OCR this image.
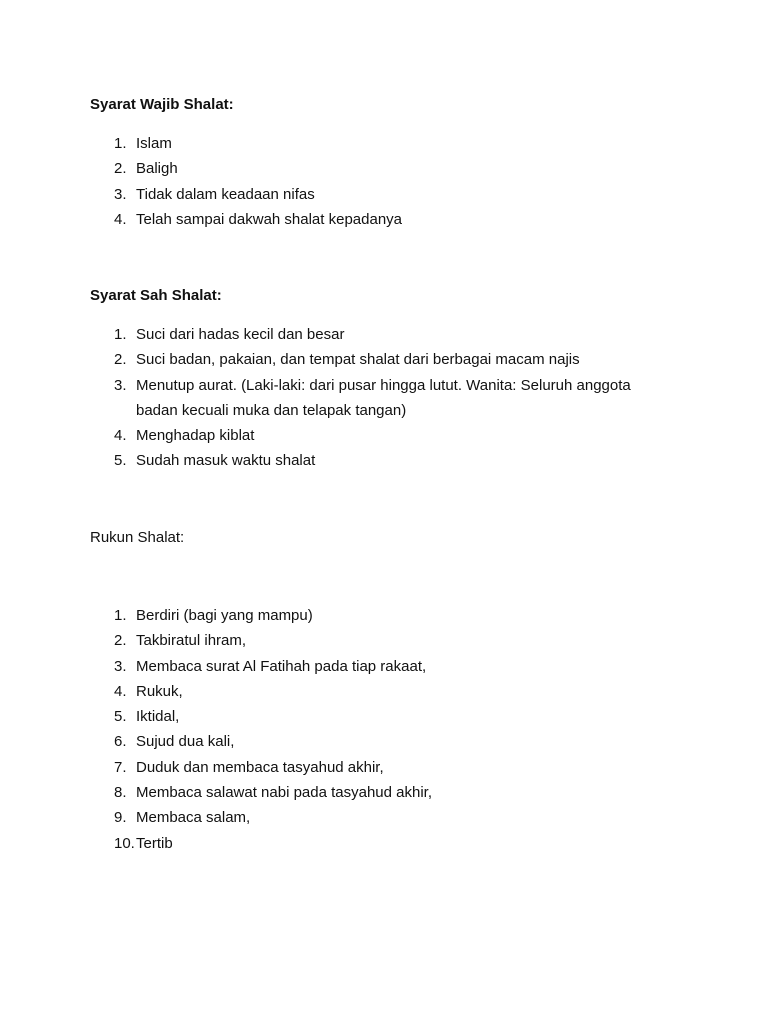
Syarat Wajib Shalat:
1. Islam
2. Baligh
3. Tidak dalam keadaan nifas
4. Telah sampai dakwah shalat kepadanya
Syarat Sah Shalat:
1. Suci dari hadas kecil dan besar
2. Suci badan, pakaian, dan tempat shalat dari berbagai macam najis
3. Menutup aurat. (Laki-laki: dari pusar hingga lutut. Wanita: Seluruh anggota badan kecuali muka dan telapak tangan)
4. Menghadap kiblat
5. Sudah masuk waktu shalat
Rukun Shalat:
1. Berdiri (bagi yang mampu)
2. Takbiratul ihram,
3. Membaca surat Al Fatihah pada tiap rakaat,
4. Rukuk,
5. Iktidal,
6. Sujud dua kali,
7. Duduk dan membaca tasyahud akhir,
8. Membaca salawat nabi pada tasyahud akhir,
9. Membaca salam,
10. Tertib
